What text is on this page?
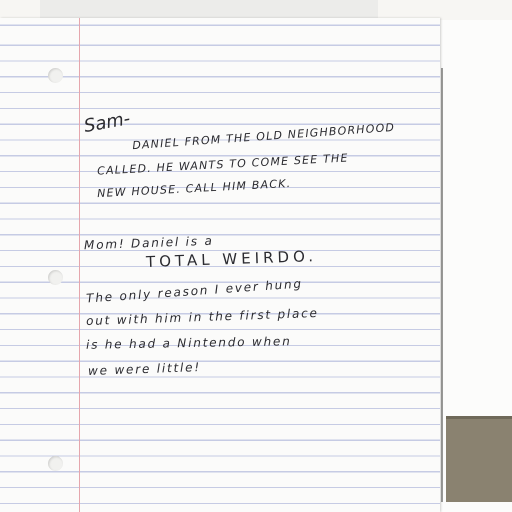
Sam- DANIEL FROM THE OLD NEIGHBORHOOD
CALLED. HE WANTS TO COME SEE THE
NEW HOUSE. CALL HIM BACK.
Mom! Daniel is a
TOTAL WEIRDO.
The only reason I ever hung
out with him in the first place
is he had a Nintendo when
we were little!
